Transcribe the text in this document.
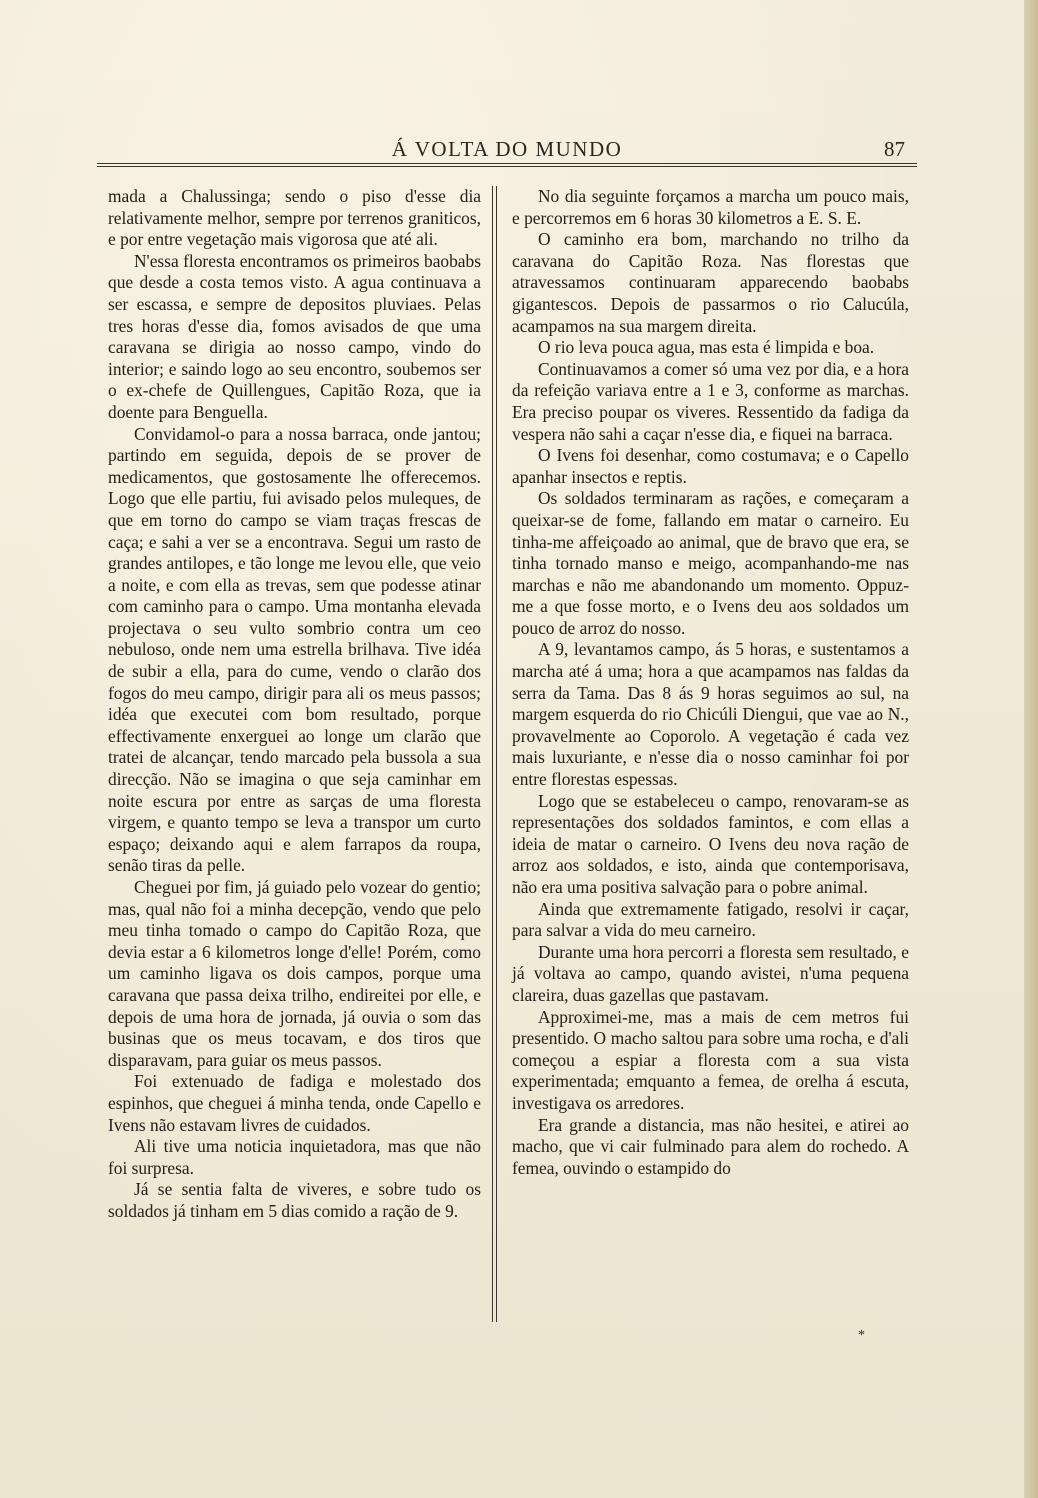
Á VOLTA DO MUNDO	87

mada a Chalussinga; sendo o piso d'esse dia relativamente melhor, sempre por terrenos graniticos, e por entre vegetação mais vigorosa que até ali.

N'essa floresta encontramos os primeiros baobabs que desde a costa temos visto. A agua continuava a ser escassa, e sempre de depositos pluviaes. Pelas tres horas d'esse dia, fomos avisados de que uma caravana se dirigia ao nosso campo, vindo do interior; e saindo logo ao seu encontro, soubemos ser o ex-chefe de Quillengues, Capitão Roza, que ia doente para Benguella.

Convidamol-o para a nossa barraca, onde jantou; partindo em seguida, depois de se prover de medicamentos, que gostosamente lhe offerecemos. Logo que elle partiu, fui avisado pelos muleques, de que em torno do campo se viam traças frescas de caça; e sahi a ver se a encontrava. Segui um rasto de grandes antilopes, e tão longe me levou elle, que veio a noite, e com ella as trevas, sem que podesse atinar com caminho para o campo. Uma montanha elevada projectava o seu vulto sombrio contra um ceo nebuloso, onde nem uma estrella brilhava. Tive idéa de subir a ella, para do cume, vendo o clarão dos fogos do meu campo, dirigir para ali os meus passos; idéa que executei com bom resultado, porque effectivamente enxerguei ao longe um clarão que tratei de alcançar, tendo marcado pela bussola a sua direcção. Não se imagina o que seja caminhar em noite escura por entre as sarças de uma floresta virgem, e quanto tempo se leva a transpor um curto espaço; deixando aqui e alem farrapos da roupa, senão tiras da pelle.

Cheguei por fim, já guiado pelo vozear do gentio; mas, qual não foi a minha decepção, vendo que pelo meu tinha tomado o campo do Capitão Roza, que devia estar a 6 kilometros longe d'elle! Porém, como um caminho ligava os dois campos, porque uma caravana que passa deixa trilho, endireitei por elle, e depois de uma hora de jornada, já ouvia o som das businas que os meus tocavam, e dos tiros que disparavam, para guiar os meus passos.

Foi extenuado de fadiga e molestado dos espinhos, que cheguei á minha tenda, onde Capello e Ivens não estavam livres de cuidados.

Ali tive uma noticia inquietadora, mas que não foi surpresa.

Já se sentia falta de viveres, e sobre tudo os soldados já tinham em 5 dias comido a ração de 9.

No dia seguinte forçamos a marcha um pouco mais, e percorremos em 6 horas 30 kilometros a E. S. E.

O caminho era bom, marchando no trilho da caravana do Capitão Roza. Nas florestas que atravessamos continuaram apparecendo baobabs gigantescos. Depois de passarmos o rio Calucúla, acampamos na sua margem direita.

O rio leva pouca agua, mas esta é limpida e boa.

Continuavamos a comer só uma vez por dia, e a hora da refeição variava entre a 1 e 3, conforme as marchas. Era preciso poupar os viveres. Ressentido da fadiga da vespera não sahi a caçar n'esse dia, e fiquei na barraca.

O Ivens foi desenhar, como costumava; e o Capello apanhar insectos e reptis.

Os soldados terminaram as rações, e começaram a queixar-se de fome, fallando em matar o carneiro. Eu tinha-me affeiçoado ao animal, que de bravo que era, se tinha tornado manso e meigo, acompanhando-me nas marchas e não me abandonando um momento. Oppuz-me a que fosse morto, e o Ivens deu aos soldados um pouco de arroz do nosso.

A 9, levantamos campo, ás 5 horas, e sustentamos a marcha até á uma; hora a que acampamos nas faldas da serra da Tama. Das 8 ás 9 horas seguimos ao sul, na margem esquerda do rio Chicúli Diengui, que vae ao N., provavelmente ao Coporolo. A vegetação é cada vez mais luxuriante, e n'esse dia o nosso caminhar foi por entre florestas espessas.

Logo que se estabeleceu o campo, renovaram-se as representações dos soldados famintos, e com ellas a ideia de matar o carneiro. O Ivens deu nova ração de arroz aos soldados, e isto, ainda que contemporisava, não era uma positiva salvação para o pobre animal.

Ainda que extremamente fatigado, resolvi ir caçar, para salvar a vida do meu carneiro.

Durante uma hora percorri a floresta sem resultado, e já voltava ao campo, quando avistei, n'uma pequena clareira, duas gazellas que pastavam.

Approximei-me, mas a mais de cem metros fui presentido. O macho saltou para sobre uma rocha, e d'ali começou a espiar a floresta com a sua vista experimentada; emquanto a femea, de orelha á escuta, investigava os arredores.

Era grande a distancia, mas não hesitei, e atirei ao macho, que vi cair fulminado para alem do rochedo. A femea, ouvindo o estampido do

*
